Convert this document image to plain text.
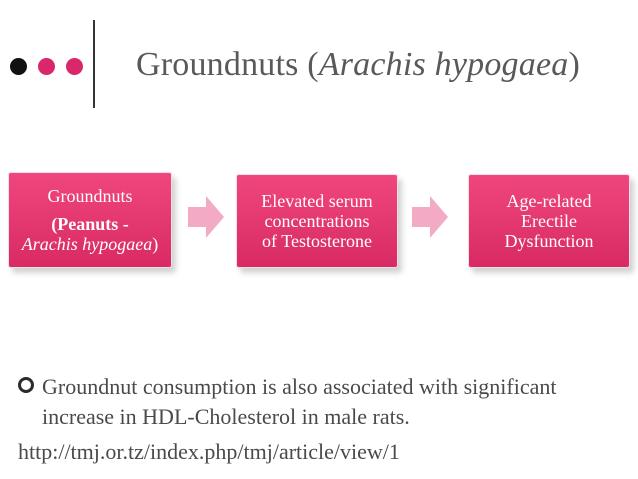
Groundnuts (Arachis hypogaea)
Groundnuts
(Peanuts -
Arachis hypogaea)
Elevated serum
concentrations
of Testosterone
Age-related
Erectile
Dysfunction
Groundnut consumption is also associated with significant increase in HDL-Cholesterol in male rats.
http://tmj.or.tz/index.php/tmj/article/view/1
